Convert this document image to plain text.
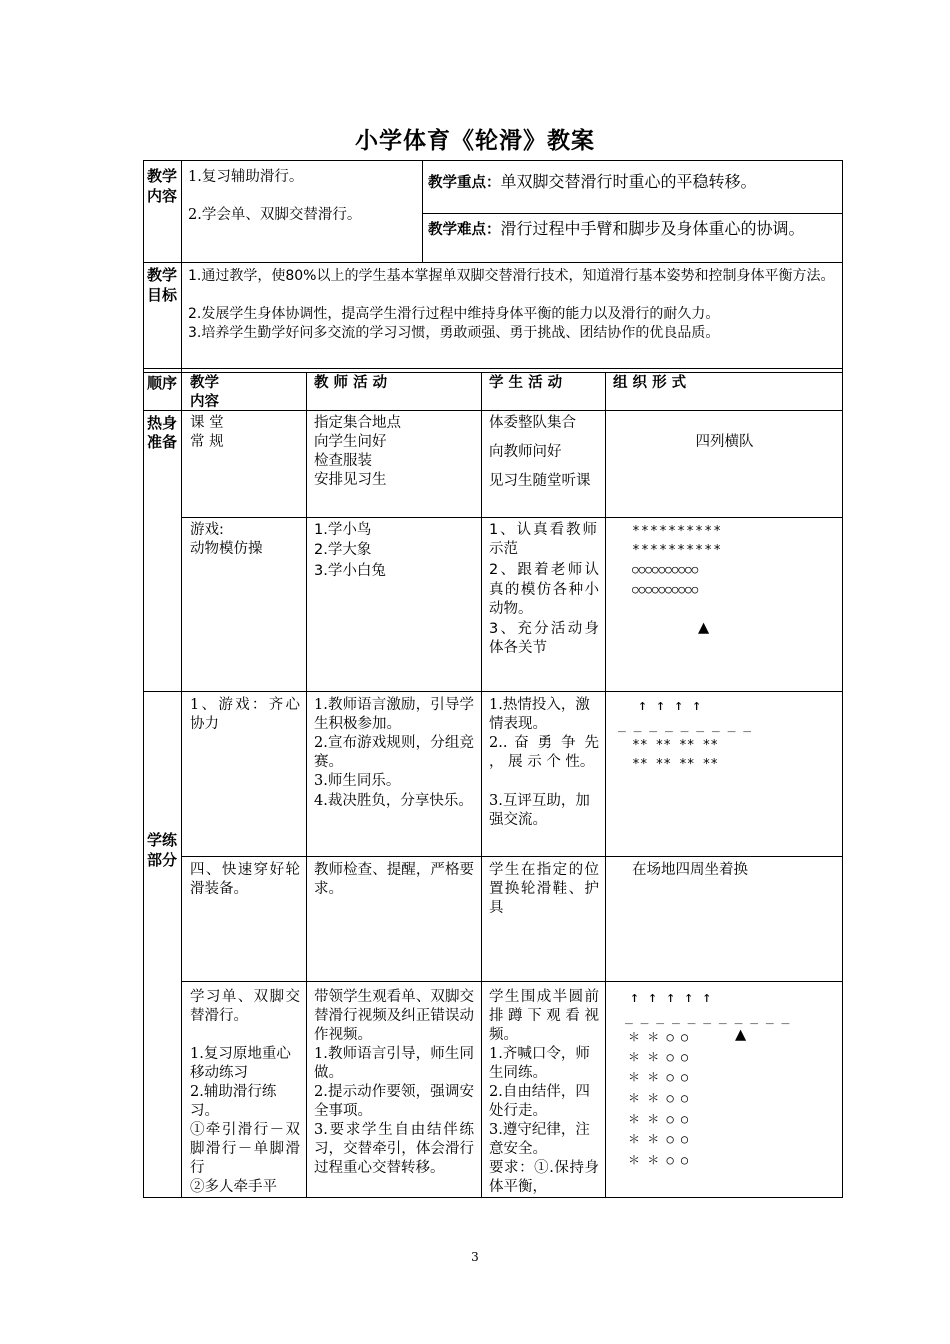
小学体育《轮滑》教案
教学内容
1.复习辅助滑行。
2.学会单、双脚交替滑行。
教学重点：单双脚交替滑行时重心的平稳转移。
教学难点：滑行过程中手臂和脚步及身体重心的协调。
教学目标
1.通过教学，使80%以上的学生基本掌握单双脚交替滑行技术，知道滑行基本姿势和控制身体平衡方法。
2.发展学生身体协调性，提高学生滑行过程中维持身体平衡的能力以及滑行的耐久力。
3.培养学生勤学好问多交流的学习习惯，勇敢顽强、勇于挑战、团结协作的优良品质。
顺序 教学
内容
教 师 活 动	学 生 活 动	组 织 形 式
热身准备
课 堂
常 规
指定集合地点
向学生问好
检查服装
安排见习生
体委整队集合
向教师问好
见习生随堂听课
四列横队
游戏:
动物模仿操
1.学小鸟
2.学大象
3.学小白兔
1、认真看教师示范
2、跟着老师认真的模仿各种小动物。
3、充分活动身体各关节
**********
**********
○○○○○○○○○○
○○○○○○○○○○
▲
学练部分
1、游戏：齐心协力
1.教师语言激励，引导学生积极参加。
2.宣布游戏规则，分组竞赛。
3.师生同乐。
4.裁决胜负，分享快乐。
1.热情投入，激情表现。
2.. 奋 勇 争 先 ， 展 示 个 性。
3.互评互助，加强交流。
↑ ↑ ↑ ↑
_ _ _ _ _ _ _ _ _
** ** ** **
** ** ** **
四、快速穿好轮滑装备。
教师检查、提醒，严格要求。
学生在指定的位置换轮滑鞋、护具
在场地四周坐着换
学习单、双脚交替滑行。
1.复习原地重心移动练习
2.辅助滑行练习。
①牵引滑行－双脚滑行－单脚滑行
②多人牵手平
带领学生观看单、双脚交替滑行视频及纠正错误动作视频。
1.教师语言引导，师生同做。
2.提示动作要领，强调安全事项。
3.要求学生自由结伴练习，交替牵引，体会滑行过程重心交替转移。
学生围成半圆前排蹲下观看视频。
1.齐喊口令，师生同练。
2.自由结伴，四处行走。
3.遵守纪律，注意安全。
要求：①.保持身体平衡，
↑ ↑ ↑ ↑ ↑
_ _ _ _ _ _ _ _ _ _ _
＊ ＊ ○ ○
＊ ＊ ○ ○
＊ ＊ ○ ○
＊ ＊ ○ ○
＊ ＊ ○ ○
＊ ＊ ○ ○
＊ ＊ ○ ○
▲
3
